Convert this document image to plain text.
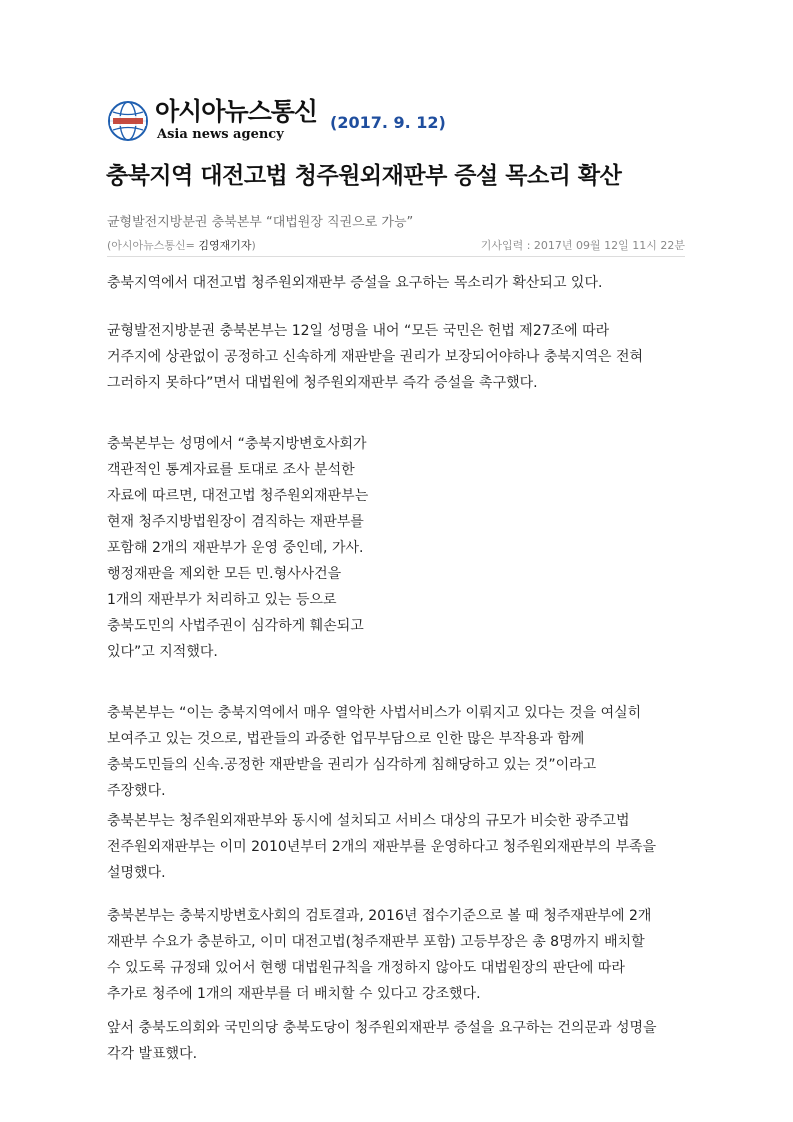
아시아뉴스통신
Asia news agency
(2017. 9. 12)
충북지역 대전고법 청주원외재판부 증설 목소리 확산
균형발전지방분권 충북본부 “대법원장 직권으로 가능”
(아시아뉴스통신= 김영재기자)	기사입력 : 2017년 09월 12일 11시 22분

충북지역에서 대전고법 청주원외재판부 증설을 요구하는 목소리가 확산되고 있다.

균형발전지방분권 충북본부는 12일 성명을 내어 “모든 국민은 헌법 제27조에 따라 거주지에 상관없이 공정하고 신속하게 재판받을 권리가 보장되어야하나 충북지역은 전혀 그러하지 못하다”면서 대법원에 청주원외재판부 즉각 증설을 촉구했다.

충북본부는 성명에서 “충북지방변호사회가 객관적인 통계자료를 토대로 조사 분석한 자료에 따르면, 대전고법 청주원외재판부는 현재 청주지방법원장이 겸직하는 재판부를 포함해 2개의 재판부가 운영 중인데, 가사.행정재판을 제외한 모든 민.형사사건을 1개의 재판부가 처리하고 있는 등으로 충북도민의 사법주권이 심각하게 훼손되고 있다”고 지적했다.

충북본부는 “이는 충북지역에서 매우 열악한 사법서비스가 이뤄지고 있다는 것을 여실히 보여주고 있는 것으로, 법관들의 과중한 업무부담으로 인한 많은 부작용과 함께 충북도민들의 신속.공정한 재판받을 권리가 심각하게 침해당하고 있는 것”이라고 주장했다.

충북본부는 청주원외재판부와 동시에 설치되고 서비스 대상의 규모가 비슷한 광주고법 전주원외재판부는 이미 2010년부터 2개의 재판부를 운영하다고 청주원외재판부의 부족을 설명했다.

충북본부는 충북지방변호사회의 검토결과, 2016년 접수기준으로 볼 때 청주재판부에 2개 재판부 수요가 충분하고, 이미 대전고법(청주재판부 포함) 고등부장은 총 8명까지 배치할 수 있도록 규정돼 있어서 현행 대법원규칙을 개정하지 않아도 대법원장의 판단에 따라 추가로 청주에 1개의 재판부를 더 배치할 수 있다고 강조했다.

앞서 충북도의회와 국민의당 충북도당이 청주원외재판부 증설을 요구하는 건의문과 성명을 각각 발표했다.
